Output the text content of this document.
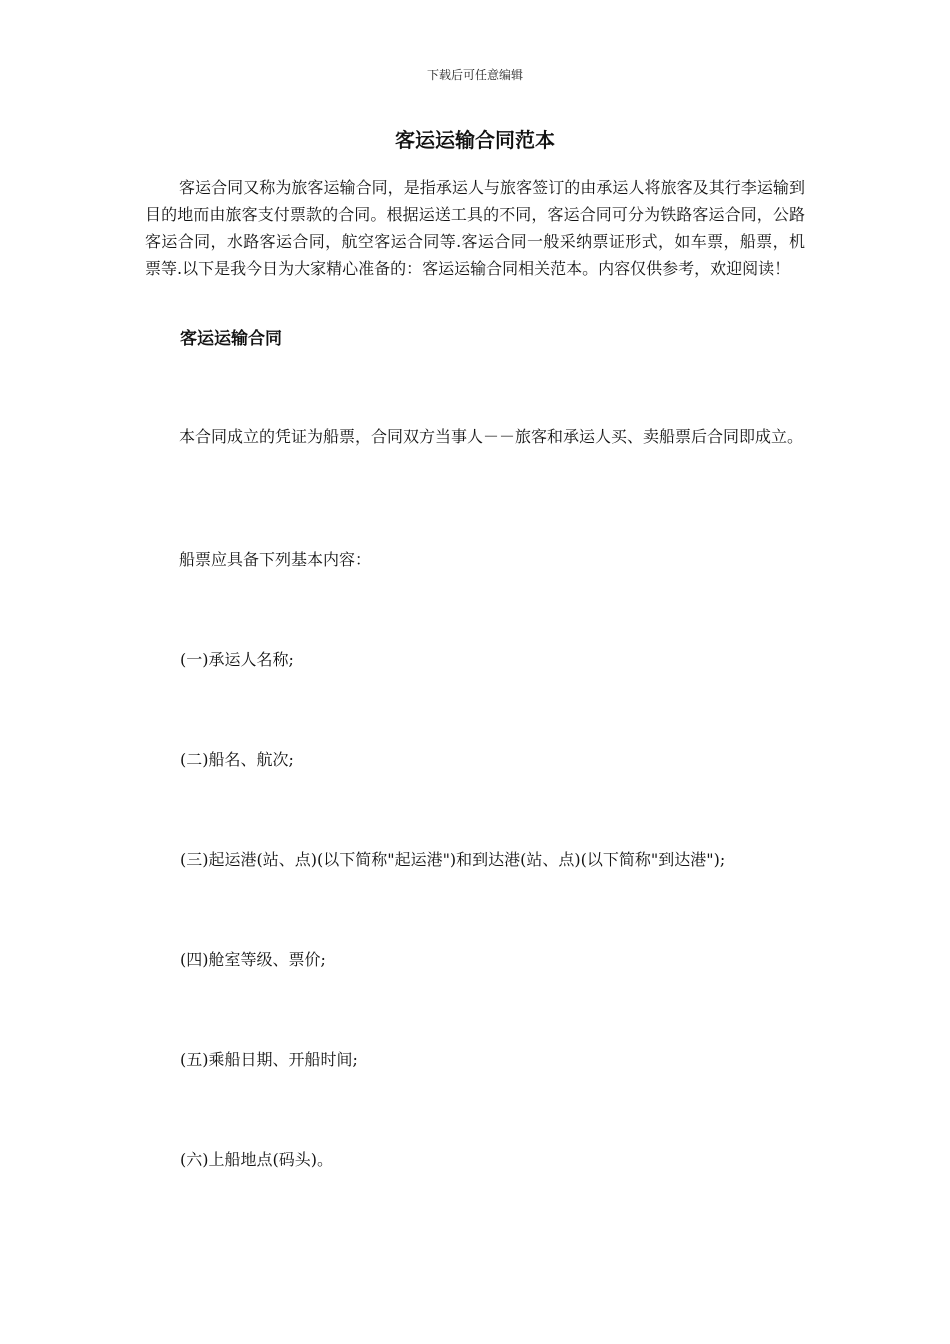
下载后可任意编辑
客运运输合同范本

客运合同又称为旅客运输合同，是指承运人与旅客签订的由承运人将旅客及其行李运输到目的地而由旅客支付票款的合同。根据运送工具的不同，客运合同可分为铁路客运合同，公路客运合同，水路客运合同，航空客运合同等.客运合同一般采纳票证形式，如车票，船票，机票等.以下是我今日为大家精心准备的：客运运输合同相关范本。内容仅供参考，欢迎阅读！

客运运输合同

本合同成立的凭证为船票，合同双方当事人－－旅客和承运人买、卖船票后合同即成立。

船票应具备下列基本内容：

(一)承运人名称;

(二)船名、航次;

(三)起运港(站、点)(以下简称"起运港")和到达港(站、点)(以下简称"到达港");

(四)舱室等级、票价;

(五)乘船日期、开船时间;

(六)上船地点(码头)。
